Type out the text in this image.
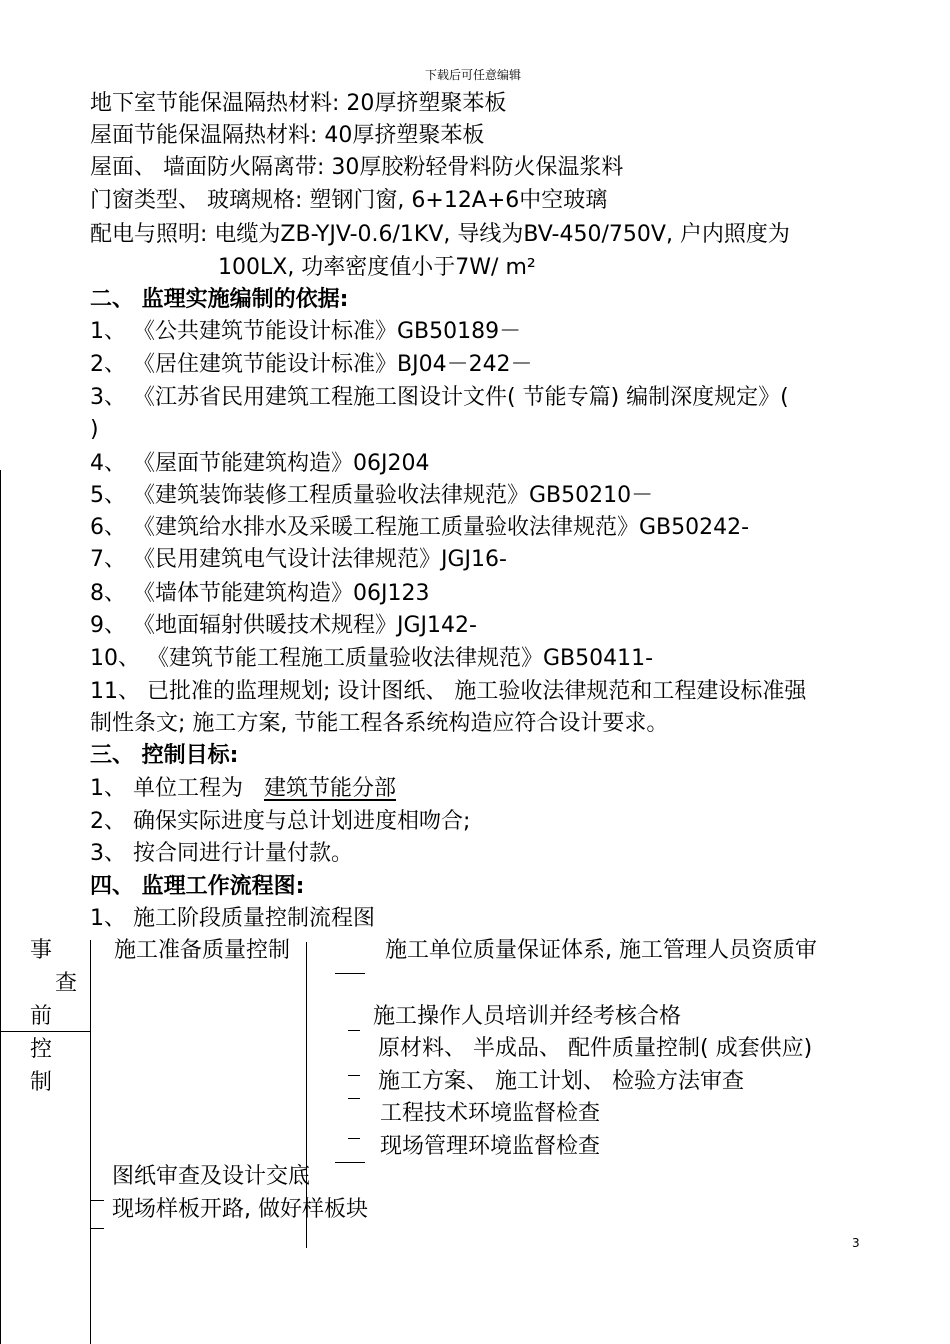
下载后可任意编辑
地下室节能保温隔热材料: 20厚挤塑聚苯板
屋面节能保温隔热材料: 40厚挤塑聚苯板
屋面、 墙面防火隔离带: 30厚胶粉轻骨料防火保温浆料
门窗类型、 玻璃规格: 塑钢门窗, 6+12A+6中空玻璃
配电与照明: 电缆为ZB-YJV-0.6/1KV, 导线为BV-450/750V, 户内照度为
100LX, 功率密度值小于7W/ m²
二、 监理实施编制的依据:
1、 《公共建筑节能设计标准》GB50189－
2、 《居住建筑节能设计标准》BJ04－242－
3、 《江苏省民用建筑工程施工图设计文件( 节能专篇) 编制深度规定》(
)
4、 《屋面节能建筑构造》06J204
5、 《建筑装饰装修工程质量验收法律规范》GB50210－
6、 《建筑给水排水及采暖工程施工质量验收法律规范》GB50242-
7、 《民用建筑电气设计法律规范》JGJ16-
8、 《墙体节能建筑构造》06J123
9、 《地面辐射供暖技术规程》JGJ142-
10、 《建筑节能工程施工质量验收法律规范》GB50411-
11、 已批准的监理规划; 设计图纸、 施工验收法律规范和工程建设标准强
制性条文; 施工方案, 节能工程各系统构造应符合设计要求。
三、 控制目标:
1、 单位工程为 建筑节能分部
2、 确保实际进度与总计划进度相吻合;
3、 按合同进行计量付款。
四、 监理工作流程图:
1、 施工阶段质量控制流程图
事
查
前
控
制
施工准备质量控制	施工单位质量保证体系, 施工管理人员资质审
施工操作人员培训并经考核合格
原材料、 半成品、 配件质量控制( 成套供应)
施工方案、 施工计划、 检验方法审查
工程技术环境监督检查
现场管理环境监督检查
图纸审查及设计交底
现场样板开路, 做好样板块
3
